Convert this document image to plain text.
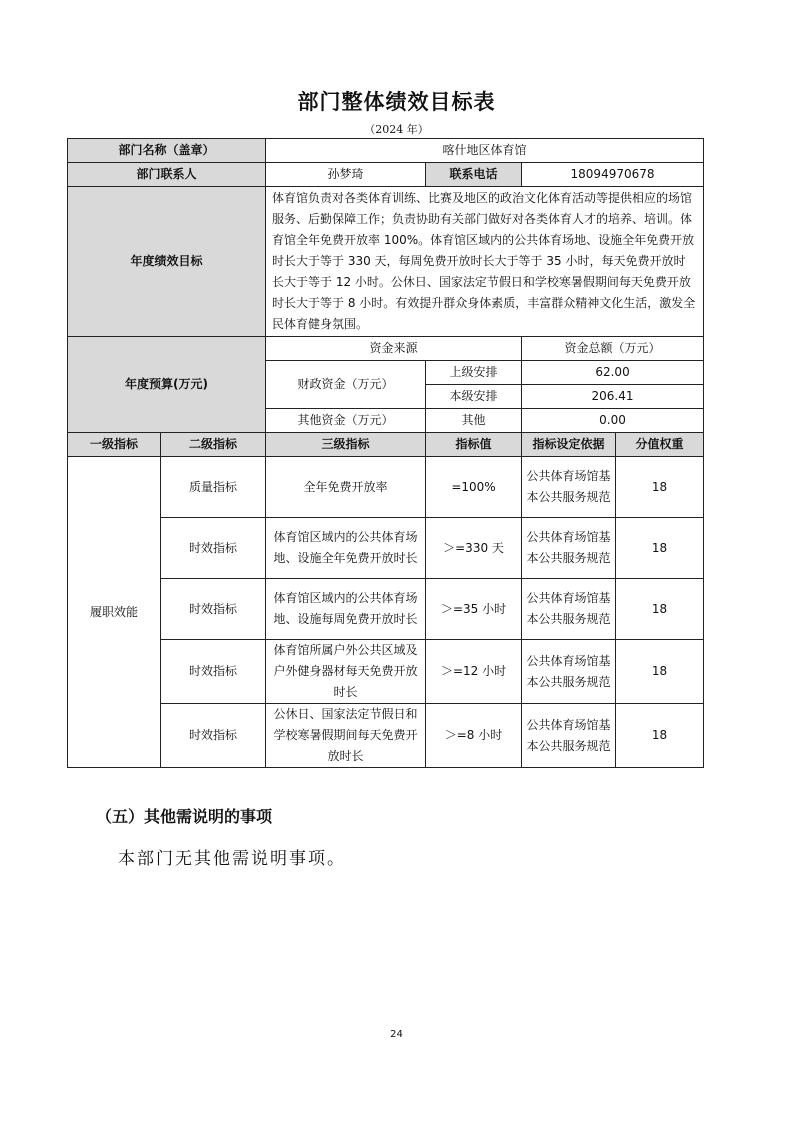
部门整体绩效目标表
（2024 年）
部门名称（盖章）		喀什地区体育馆			
部门联系人		孙梦琦	联系电话	18094970678	
年度绩效目标		体育馆负责对各类体育训练、比赛及地区的政治文化体育活动等提供相应的场馆服务、后勤保障工作；负责协助有关部门做好对各类体育人才的培养、培训。体育馆全年免费开放率 100%。体育馆区域内的公共体育场地、设施全年免费开放时长大于等于 330 天，每周免费开放时长大于等于 35 小时，每天免费开放时长大于等于 12 小时。公休日、国家法定节假日和学校寒暑假期间每天免费开放时长大于等于 8 小时。有效提升群众身体素质，丰富群众精神文化生活，激发全民体育健身氛围。			
年度预算(万元)		资金来源		资金总额（万元）	
		财政资金（万元）	上级安排	62.00	
			本级安排	206.41	
		其他资金（万元）	其他	0.00	
一级指标	二级指标	三级指标	指标值	指标设定依据	分值权重
履职效能	质量指标	全年免费开放率	=100%	公共体育场馆基本公共服务规范	18
	时效指标	体育馆区域内的公共体育场地、设施全年免费开放时长	＞=330 天	公共体育场馆基本公共服务规范	18
	时效指标	体育馆区域内的公共体育场地、设施每周免费开放时长	＞=35 小时	公共体育场馆基本公共服务规范	18
	时效指标	体育馆所属户外公共区域及户外健身器材每天免费开放时长	＞=12 小时	公共体育场馆基本公共服务规范	18
	时效指标	公休日、国家法定节假日和学校寒暑假期间每天免费开放时长	＞=8 小时	公共体育场馆基本公共服务规范	18
（五）其他需说明的事项
本部门无其他需说明事项。
24
